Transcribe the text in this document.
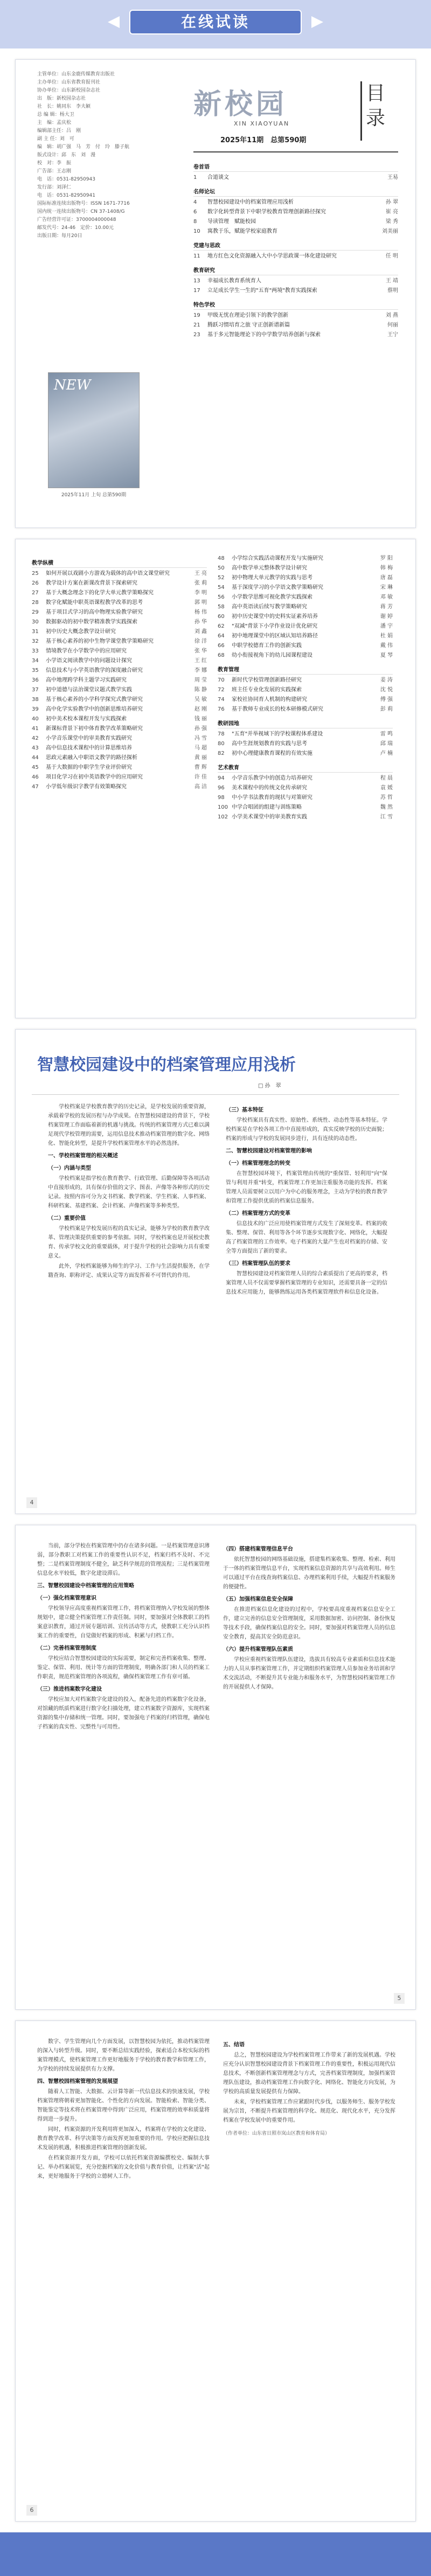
在线试读
主管单位：山东金鹿传媒教育出版社
主办单位：山东省教育报刊社
协办单位：山东新校园杂志社
出　版：新校园杂志社
社　长：姚同东　李夫颖
总 编 辑：杨大卫
主　编：孟庆松
编辑部主任：吕　刚
副 主 任：刘　可
编　辑：胡广强　马　芳　付　玲　滕子航
版式设计：邱　东　刘　漫
校　对：李　振
广告部：王志刚
电　话：0531-82950943
发行部：刘泽仁
电　话：0531-82950941
国际标准连续出版物号：ISSN 1671-7716
国内统一连续出版物号：CN 37-1408/G
广告经营许可证：3700004000048
邮发代号：24-46　定价：10.00元
出版日期：每月20日
NEW
2025年11月 上旬 总第590期
新校园
XIN XIAOYUAN
2025年11期　总第590期
目录
卷首语
1	合道谈文	王易
名师论坛
4	智慧校园建设中的档案管理应用浅析	孙 翠
6	数字化转型背景下中职学校教育管理创新路径探究	崔 亮
8	导读管理　赋能校园	梁 秀
10	寓教于乐，赋能学校家庭教育	刘美丽
党建与思政
11	地方红色文化资源融入大中小学思政课一体化建设研究	任 明
教育研究
13	幸福成长教育系统育人	王 靖
17	立足成长学生一生的"五育"两境"教育实践探索	蔡明
特色学校
19	甲级无忧在理论引领下的教学创新	刘 燕
21	腾跃习惯培育之旅 守正创新谱新篇	何丽
23	基于多元智能理论下的中学数学培养创新与探索	王宁
教学纵横
25	如何开展以戏剧小方游戏为载体的高中语文课堂研究	王 亮
26	教学设计方案在新课改背景下探索研究	张 莉
27	基于大概念理念下的化学大单元教学策略探究	李 明
28	数字化赋能中职英语课程教学改革的思考	郭 明
29	基于项目式学习的高中物理实验教学研究	杨 伟
30	数据驱动的初中数学精准教学实践探索	孙 华
31	初中历史大概念教学设计研究	刘 鑫
32	基于核心素养的初中生物学课堂教学策略研究	徐 洋
33	情境教学在小学数学中的应用研究	张 华
34	小学语文阅读教学中的问题设计探究	王 红
35	信息技术与小学英语教学的深度融合研究	李 娜
36	高中地理跨学科主题学习实践研究	周 莹
37	初中道德与法治课堂议题式教学实践	陈 静
38	基于核心素养的小学科学探究式教学研究	吴 敏
39	高中化学实验教学中的创新思维培养研究	赵 刚
40	初中美术校本课程开发与实践探索	钱 丽
41	新课标背景下初中体育教学改革策略研究	孙 强
42	小学音乐课堂中的审美教育实践研究	冯 雪
43	高中信息技术课程中的计算思维培养	马 超
44	思政元素融入中职语文教学的路径探析	黄 丽
45	基于大数据的中职学生学业评价研究	曹 辉
46	项目化学习在初中英语教学中的应用研究	许 佳
47	小学低年级识字教学有效策略探究	高 洁
48	小学综合实践活动课程开发与实施研究	罗 阳
50	高中数学单元整体教学设计研究	韩 梅
52	初中物理大单元教学的实践与思考	唐 磊
54	基于深度学习的小学语文教学策略研究	宋 琳
56	小学数学思维可视化教学实践探索	邓 敏
58	高中英语读后续写教学策略研究	蒋 芳
60	初中历史课堂中的史料实证素养培养	谢 婷
62	"双减"背景下小学作业设计优化研究	潘 宇
64	初中地理课堂中的区域认知培养路径	杜 娟
66	中职学校德育工作的创新实践	戴 伟
68	幼小衔接视角下的幼儿园课程建设	夏 琴
教育管理
70	新时代学校管理创新路径研究	姜 涛
72	班主任专业化发展的实践探索	沈 悦
74	家校社协同育人机制的构建研究	傅 强
76	基于教师专业成长的校本研修模式研究	彭 莉
教研园地
78	"五育"并举视域下的学校课程体系建设	雷 鸣
80	高中生涯规划教育的实践与思考	邱 瑞
82	初中心理健康教育课程的有效实施	卢 楠
艺术教育
94	小学音乐教学中的创造力培养研究	程 晨
96	美术课程中的传统文化传承研究	袁 媛
98	中小学书法教育的现状与对策研究	苏 哲
100 中学合唱团的组建与训练策略	魏 然
102 小学美术课堂中的审美教育实践	江 雪
智慧校园建设中的档案管理应用浅析
□ 孙　翠

学校档案是学校教育教学的历史记录，是学校发展的重要资源，承载着学校的发展历程与办学成果。在智慧校园建设的背景下，学校档案管理工作面临着新的机遇与挑战。传统的档案管理方式已难以满足现代学校管理的需要，运用信息技术推动档案管理的数字化、网络化、智能化转型，是提升学校档案管理水平的必然选择。

一、学校档案管理的相关概述
（一）内涵与类型

学校档案是指学校在教育教学、行政管理、后勤保障等各项活动中直接形成的，具有保存价值的文字、图表、声像等各种形式的历史记录。按照内容可分为文书档案、教学档案、学生档案、人事档案、科研档案、基建档案、会计档案、声像档案等多种类型。

（二）重要价值

学校档案是学校发展历程的真实记录，能够为学校的教育教学改革、管理决策提供重要的参考依据。同时，学校档案也是开展校史教育、传承学校文化的重要载体，对于提升学校的社会影响力具有重要意义。

此外，学校档案能够为师生的学习、工作与生活提供服务，在学籍查询、职称评定、成果认定等方面发挥着不可替代的作用。

（三）基本特征

学校档案具有真实性、原始性、系统性、动态性等基本特征。学校档案是在学校各项工作中直接形成的，真实反映学校的历史面貌；档案的形成与学校的发展同步进行，具有连续的动态性。

二、智慧校园建设对档案管理的影响
（一）档案管理理念的转变

在智慧校园环境下，档案管理由传统的"重保管、轻利用"向"保管与利用并重"转变，档案管理工作更加注重服务功能的发挥。档案管理人员需要树立以用户为中心的服务理念，主动为学校的教育教学和管理工作提供优质的档案信息服务。

（二）档案管理方式的变革

信息技术的广泛应用使档案管理方式发生了深刻变革。档案的收集、整理、保管、利用等各个环节逐步实现数字化、网络化，大幅提高了档案管理的工作效率。电子档案的大量产生也对档案的存储、安全等方面提出了新的要求。

（三）档案管理队伍的要求

智慧校园建设对档案管理人员的综合素质提出了更高的要求，档案管理人员不仅需要掌握档案管理的专业知识，还需要具备一定的信息技术应用能力，能够熟练运用各类档案管理软件和信息化设备。

4

当前，部分学校在档案管理中仍存在诸多问题。一是档案管理意识薄弱，部分教职工对档案工作的重要性认识不足，档案归档不及时、不完整；二是档案管理制度不健全，缺乏科学规范的管理流程；三是档案管理信息化水平较低，数字化建设滞后。

三、智慧校园建设中档案管理的应用策略
（一）强化档案管理意识

学校领导应高度重视档案管理工作，将档案管理纳入学校发展的整体规划中，建立健全档案管理工作责任制。同时，要加强对全体教职工的档案意识教育，通过开展专题培训、宣传活动等方式，使教职工充分认识档案工作的重要性，自觉做好档案的形成、积累与归档工作。

（二）完善档案管理制度

学校应结合智慧校园建设的实际需要，制定和完善档案收集、整理、鉴定、保管、利用、统计等方面的管理制度，明确各部门和人员的档案工作职责，规范档案管理的各项流程，确保档案管理工作有章可循。

（三）推进档案数字化建设

学校应加大对档案数字化建设的投入，配备先进的档案数字化设备，对馆藏的纸质档案进行数字化扫描处理，建立档案数字资源库，实现档案资源的集中存储和统一管理。同时，要加强电子档案的归档管理，确保电子档案的真实性、完整性与可用性。

（四）搭建档案管理信息平台

依托智慧校园的网络基础设施，搭建集档案收集、整理、检索、利用于一体的档案管理信息平台，实现档案信息资源的共享与高效利用。师生可以通过平台在线查询档案信息、办理档案利用手续，大幅提升档案服务的便捷性。

（五）加强档案信息安全保障

在推进档案信息化建设的过程中，学校要高度重视档案信息安全工作，建立完善的信息安全管理制度，采用数据加密、访问控制、备份恢复等技术手段，确保档案信息的安全。同时，要加强对档案管理人员的信息安全教育，提高其安全防范意识。

（六）提升档案管理队伍素质

学校应重视档案管理队伍建设，选拔具有较高专业素质和信息技术能力的人员从事档案管理工作，并定期组织档案管理人员参加业务培训和学术交流活动，不断提升其专业能力和服务水平，为智慧校园档案管理工作的开展提供人才保障。

5

数字、学生管理向几个方面发展，以智慧校园为依托，推动档案管理的深入与转型升级。同时，要不断总结实践经验，探索适合本校实际的档案管理模式，使档案管理工作更好地服务于学校的教育教学和管理工作，为学校的持续发展提供有力支撑。

四、智慧校园档案管理的发展展望

随着人工智能、大数据、云计算等新一代信息技术的快速发展，学校档案管理将朝着更加智能化、个性化的方向发展。智能检索、智能分类、智能鉴定等技术将在档案管理中得到广泛应用，档案管理的效率和质量将得到进一步提升。

同时，档案资源的开发利用将更加深入，档案将在学校的文化建设、教育教学改革、科学决策等方面发挥更加重要的作用。学校应把握信息技术发展的机遇，积极推进档案管理的创新发展。

在档案资源开发方面，学校可以依托档案资源编撰校史、编制大事记、举办档案展览，充分挖掘档案的文化价值与教育价值，让档案"活"起来，更好地服务于学校的立德树人工作。

五、结语

总之，智慧校园建设为学校档案管理工作带来了新的发展机遇。学校应充分认识智慧校园建设背景下档案管理工作的重要性，积极运用现代信息技术，不断创新档案管理理念与方式，完善档案管理制度，加强档案管理队伍建设，推动档案管理工作向数字化、网络化、智能化方向发展，为学校的高质量发展提供有力保障。

未来，学校档案管理工作应紧跟时代步伐，以服务师生、服务学校发展为宗旨，不断提升档案管理的科学化、规范化、现代化水平，充分发挥档案在学校发展中的重要作用。

（作者单位：山东省日照市岚山区教育和体育局）
6
